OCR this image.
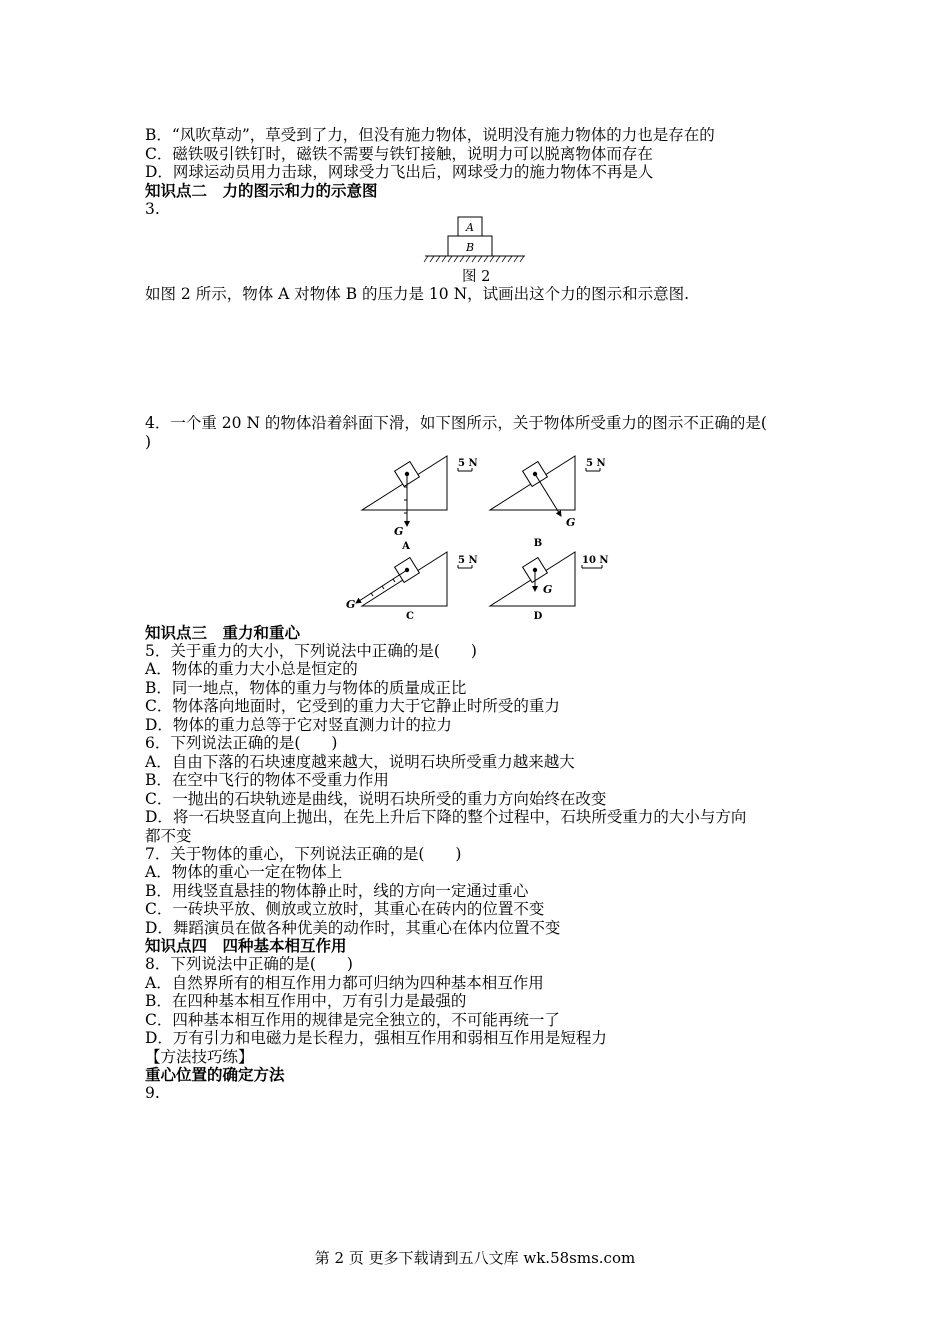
B．“风吹草动”，草受到了力，但没有施力物体，说明没有施力物体的力也是存在的
C．磁铁吸引铁钉时，磁铁不需要与铁钉接触，说明力可以脱离物体而存在
D．网球运动员用力击球，网球受力飞出后，网球受力的施力物体不再是人
知识点二　力的图示和力的示意图
3.
A
B
图 2
如图 2 所示，物体 A 对物体 B 的压力是 10 N，试画出这个力的图示和示意图.
4．一个重 20 N 的物体沿着斜面下滑，如下图所示，关于物体所受重力的图示不正确的是(
)
G
5 N
A
G
5 N
B
G
5 N
C
G
10 N
D
知识点三　重力和重心
5．关于重力的大小，下列说法中正确的是(　　)
A．物体的重力大小总是恒定的
B．同一地点，物体的重力与物体的质量成正比
C．物体落向地面时，它受到的重力大于它静止时所受的重力
D．物体的重力总等于它对竖直测力计的拉力
6．下列说法正确的是(　　)
A．自由下落的石块速度越来越大，说明石块所受重力越来越大
B．在空中飞行的物体不受重力作用
C．一抛出的石块轨迹是曲线，说明石块所受的重力方向始终在改变
D．将一石块竖直向上抛出，在先上升后下降的整个过程中，石块所受重力的大小与方向
都不变
7．关于物体的重心，下列说法正确的是(　　)
A．物体的重心一定在物体上
B．用线竖直悬挂的物体静止时，线的方向一定通过重心
C．一砖块平放、侧放或立放时，其重心在砖内的位置不变
D．舞蹈演员在做各种优美的动作时，其重心在体内位置不变
知识点四　四种基本相互作用
8．下列说法中正确的是(　　)
A．自然界所有的相互作用力都可归纳为四种基本相互作用
B．在四种基本相互作用中，万有引力是最强的
C．四种基本相互作用的规律是完全独立的，不可能再统一了
D．万有引力和电磁力是长程力，强相互作用和弱相互作用是短程力
【方法技巧练】
重心位置的确定方法
9.
第 2 页 更多下载请到五八文库 wk.58sms.com
